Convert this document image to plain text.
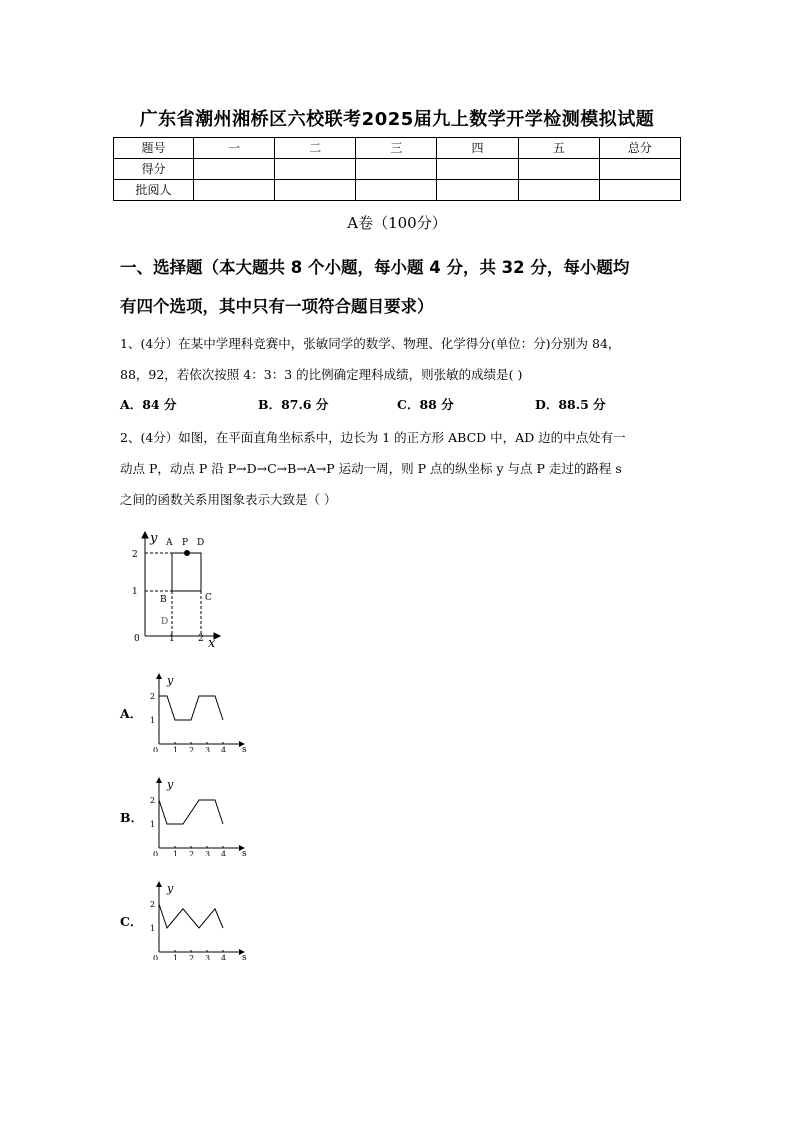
广东省潮州湘桥区六校联考2025届九上数学开学检测模拟试题
题号	一	二	三	四	五	总分
得分						
批阅人						
A卷（100分）
一、选择题（本大题共 8 个小题，每小题 4 分，共 32 分，每小题均
有四个选项，其中只有一项符合题目要求）
1、(4分）在某中学理科竞赛中，张敏同学的数学、物理、化学得分(单位：分)分别为 84，
88，92，若依次按照 4：3：3 的比例确定理科成绩，则张敏的成绩是( )
A．84 分	B．87.6 分	C．88 分	D．88.5 分
2、(4分）如图，在平面直角坐标系中，边长为 1 的正方形 ABCD 中，AD 边的中点处有一
动点 P，动点 P 沿 P→D→C→B→A→P 运动一周，则 P 点的纵坐标 y 与点 P 走过的路程 s
之间的函数关系用图象表示大致是（ ）
y
x
2
1
0	1	2
A P D
B	C
D
A．
y
s
2
1
0 1 2 3 4
B．
y
s
2
1
0 1 2 3 4
C．
y
s
2
1
0 1 2 3 4
